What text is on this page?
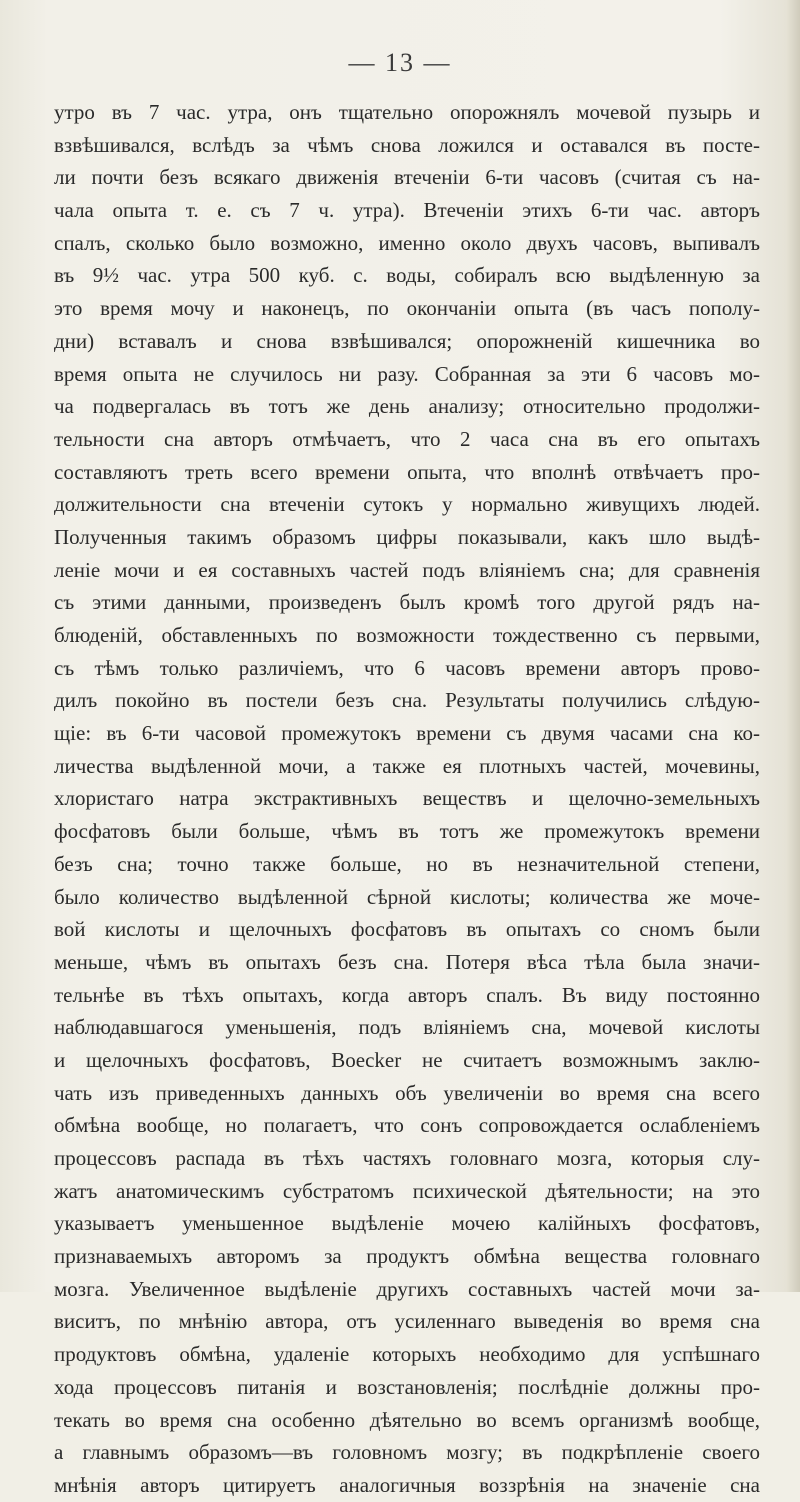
— 13 —
утро въ 7 час. утра, онъ тщательно опорожнялъ мочевой пузырь и
взвѣшивался, вслѣдъ за чѣмъ снова ложился и оставался въ посте-
ли почти безъ всякаго движенія втеченіи 6-ти часовъ (считая съ на-
чала опыта т. е. съ 7 ч. утра). Втеченіи этихъ 6-ти час. авторъ
спалъ, сколько было возможно, именно около двухъ часовъ, выпивалъ
въ 9½ час. утра 500 куб. с. воды, собиралъ всю выдѣленную за
это время мочу и наконецъ, по окончаніи опыта (въ часъ пополу-
дни) вставалъ и снова взвѣшивался; опорожненій кишечника во
время опыта не случилось ни разу. Собранная за эти 6 часовъ мо-
ча подвергалась въ тотъ же день анализу; относительно продолжи-
тельности сна авторъ отмѣчаетъ, что 2 часа сна въ его опытахъ
составляютъ треть всего времени опыта, что вполнѣ отвѣчаетъ про-
должительности сна втеченіи сутокъ у нормально живущихъ людей.
Полученныя такимъ образомъ цифры показывали, какъ шло выдѣ-
леніе мочи и ея составныхъ частей подъ вліяніемъ сна; для сравненія
съ этими данными, произведенъ былъ кромѣ того другой рядъ на-
блюденій, обставленныхъ по возможности тождественно съ первыми,
съ тѣмъ только различіемъ, что 6 часовъ времени авторъ прово-
дилъ покойно въ постели безъ сна. Результаты получились слѣдую-
щіе: въ 6-ти часовой промежутокъ времени съ двумя часами сна ко-
личества выдѣленной мочи, а также ея плотныхъ частей, мочевины,
хлористаго натра экстрактивныхъ веществъ и щелочно-земельныхъ
фосфатовъ были больше, чѣмъ въ тотъ же промежутокъ времени
безъ сна; точно также больше, но въ незначительной степени,
было количество выдѣленной сѣрной кислоты; количества же моче-
вой кислоты и щелочныхъ фосфатовъ въ опытахъ со сномъ были
меньше, чѣмъ въ опытахъ безъ сна. Потеря вѣса тѣла была значи-
тельнѣе въ тѣхъ опытахъ, когда авторъ спалъ. Въ виду постоянно
наблюдавшагося уменьшенія, подъ вліяніемъ сна, мочевой кислоты
и щелочныхъ фосфатовъ, Boeсker не считаетъ возможнымъ заклю-
чать изъ приведенныхъ данныхъ объ увеличеніи во время сна всего
обмѣна вообще, но полагаетъ, что сонъ сопровождается ослабленіемъ
процессовъ распада въ тѣхъ частяхъ головнаго мозга, которыя слу-
жатъ анатомическимъ субстратомъ психической дѣятельности; на это
указываетъ уменьшенное выдѣленіе мочею калійныхъ фосфатовъ,
признаваемыхъ авторомъ за продуктъ обмѣна вещества головнаго
мозга. Увеличенное выдѣленіе другихъ составныхъ частей мочи за-
виситъ, по мнѣнію автора, отъ усиленнаго выведенія во время сна
продуктовъ обмѣна, удаленіе которыхъ необходимо для успѣшнаго
хода процессовъ питанія и возстановленія; послѣдніе должны про-
текать во время сна особенно дѣятельно во всемъ организмѣ вообще,
а главнымъ образомъ—въ головномъ мозгу; въ подкрѣпленіе своего
мнѣнія авторъ цитируетъ аналогичныя воззрѣнія на значеніе сна
